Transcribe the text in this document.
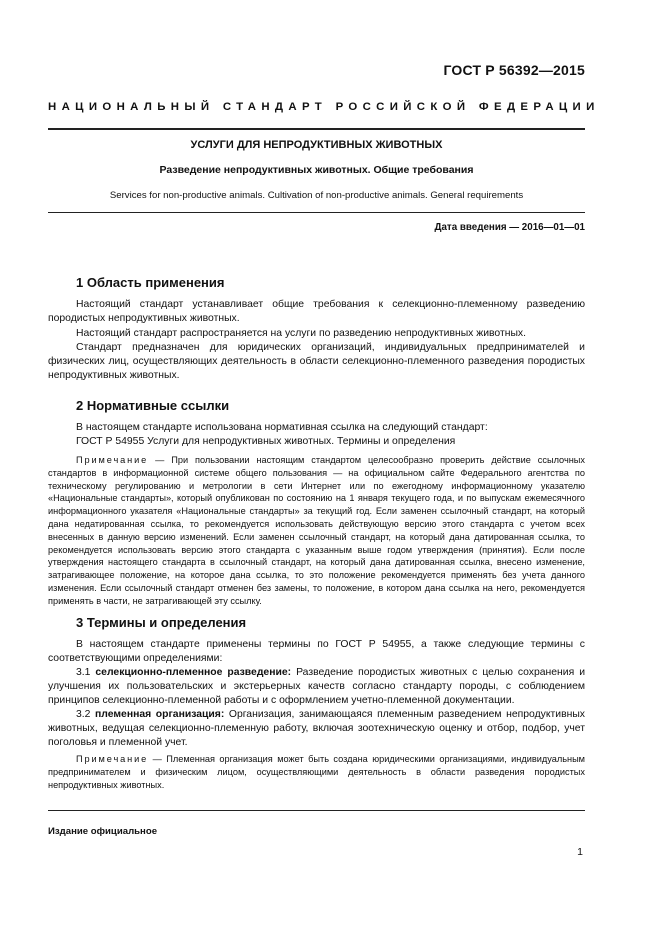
ГОСТ Р 56392—2015
НАЦИОНАЛЬНЫЙ СТАНДАРТ РОССИЙСКОЙ ФЕДЕРАЦИИ
УСЛУГИ ДЛЯ НЕПРОДУКТИВНЫХ ЖИВОТНЫХ
Разведение непродуктивных животных. Общие требования
Services for non-productive animals. Cultivation of non-productive animals. General requirements
Дата введения — 2016—01—01
1 Область применения
Настоящий стандарт устанавливает общие требования к селекционно-племенному разведению породистых непродуктивных животных.
Настоящий стандарт распространяется на услуги по разведению непродуктивных животных.
Стандарт предназначен для юридических организаций, индивидуальных предпринимателей и физических лиц, осуществляющих деятельность в области селекционно-племенного разведения породистых непродуктивных животных.
2 Нормативные ссылки
В настоящем стандарте использована нормативная ссылка на следующий стандарт:
ГОСТ Р 54955 Услуги для непродуктивных животных. Термины и определения
Примечание — При пользовании настоящим стандартом целесообразно проверить действие ссылочных стандартов в информационной системе общего пользования — на официальном сайте Федерального агентства по техническому регулированию и метрологии в сети Интернет или по ежегодному информационному указателю «Национальные стандарты», который опубликован по состоянию на 1 января текущего года, и по выпускам ежемесячного информационного указателя «Национальные стандарты» за текущий год. Если заменен ссылочный стандарт, на который дана недатированная ссылка, то рекомендуется использовать действующую версию этого стандарта с учетом всех внесенных в данную версию изменений. Если заменен ссылочный стандарт, на который дана датированная ссылка, то рекомендуется использовать версию этого стандарта с указанным выше годом утверждения (принятия). Если после утверждения настоящего стандарта в ссылочный стандарт, на который дана датированная ссылка, внесено изменение, затрагивающее положение, на которое дана ссылка, то это положение рекомендуется применять без учета данного изменения. Если ссылочный стандарт отменен без замены, то положение, в котором дана ссылка на него, рекомендуется применять в части, не затрагивающей эту ссылку.
3 Термины и определения
В настоящем стандарте применены термины по ГОСТ Р 54955, а также следующие термины с соответствующими определениями:
3.1 селекционно-племенное разведение: Разведение породистых животных с целью сохранения и улучшения их пользовательских и экстерьерных качеств согласно стандарту породы, с соблюдением принципов селекционно-племенной работы и с оформлением учетно-племенной документации.
3.2 племенная организация: Организация, занимающаяся племенным разведением непродуктивных животных, ведущая селекционно-племенную работу, включая зоотехническую оценку и отбор, подбор, учет поголовья и племенной учет.
Примечание — Племенная организация может быть создана юридическими организациями, индивидуальным предпринимателем и физическим лицом, осуществляющими деятельность в области разведения породистых непродуктивных животных.
Издание официальное
1
